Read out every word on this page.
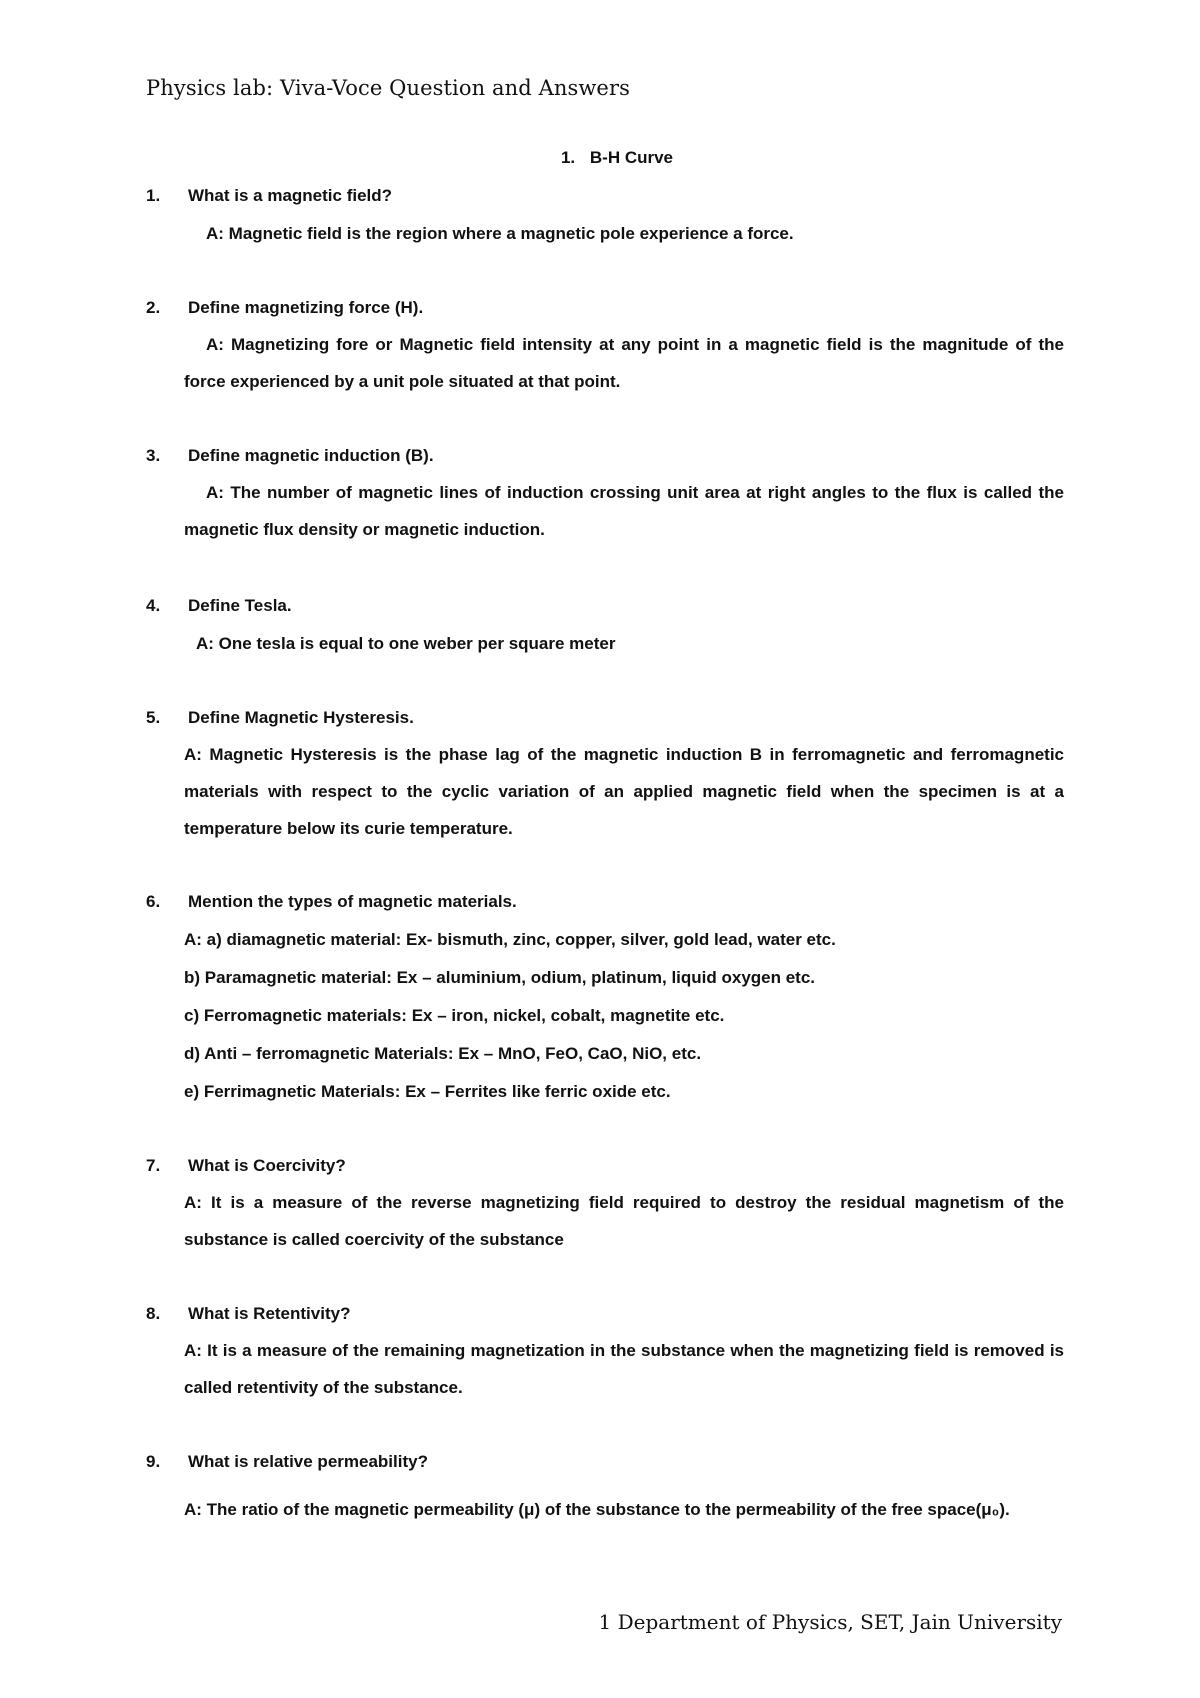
Physics lab: Viva-Voce Question and Answers
1. B-H Curve
1. What is a magnetic field?
A: Magnetic field is the region where a magnetic pole experience a force.
2. Define magnetizing force (H).
A: Magnetizing fore or Magnetic field intensity at any point in a magnetic field is the magnitude of the force experienced by a unit pole situated at that point.
3. Define magnetic induction (B).
A: The number of magnetic lines of induction crossing unit area at right angles to the flux is called the magnetic flux density or magnetic induction.
4. Define Tesla.
A: One tesla is equal to one weber per square meter
5. Define Magnetic Hysteresis.
A: Magnetic Hysteresis is the phase lag of the magnetic induction B in ferromagnetic and ferromagnetic materials with respect to the cyclic variation of an applied magnetic field when the specimen is at a temperature below its curie temperature.
6. Mention the types of magnetic materials.
A: a) diamagnetic material: Ex- bismuth, zinc, copper, silver, gold lead, water etc.
b) Paramagnetic material: Ex – aluminium, odium, platinum, liquid oxygen etc.
c) Ferromagnetic materials: Ex – iron, nickel, cobalt, magnetite etc.
d) Anti – ferromagnetic Materials: Ex – MnO, FeO, CaO, NiO, etc.
e) Ferrimagnetic Materials: Ex – Ferrites like ferric oxide etc.
7. What is Coercivity?
A: It is a measure of the reverse magnetizing field required to destroy the residual magnetism of the substance is called coercivity of the substance
8. What is Retentivity?
A: It is a measure of the remaining magnetization in the substance when the magnetizing field is removed is called retentivity of the substance.
9. What is relative permeability?
A: The ratio of the magnetic permeability (μ) of the substance to the permeability of the free space(μ₀).
1 Department of Physics, SET, Jain University
